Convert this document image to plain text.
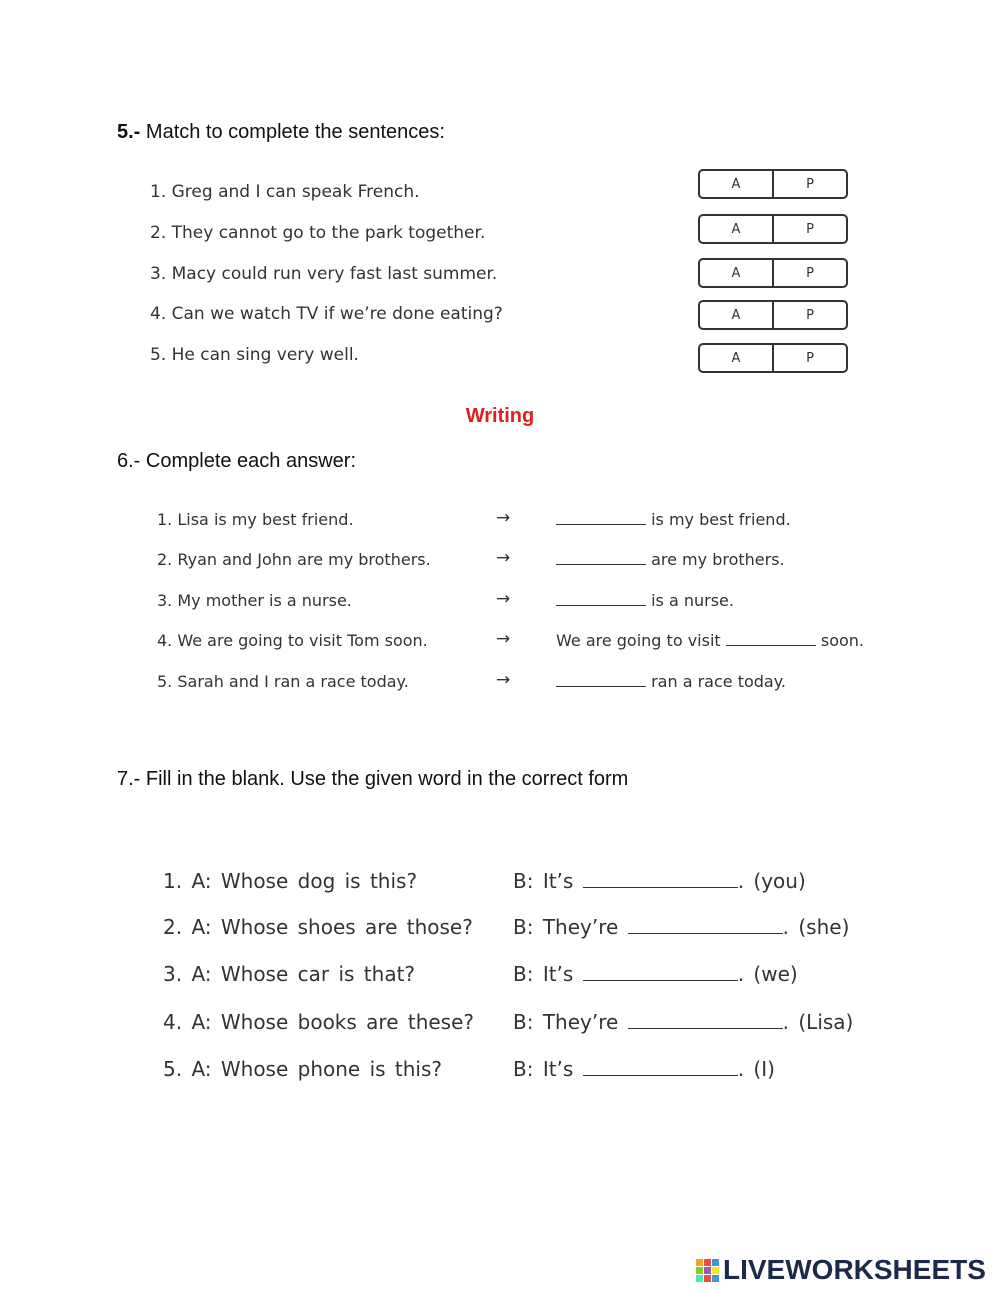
5.- Match to complete the sentences:
1. Greg and I can speak French.
2. They cannot go to the park together.
3. Macy could run very fast last summer.
4. Can we watch TV if we’re done eating?
5. He can sing very well.
A	P
A	P
A	P
A	P
A	P
Writing
6.- Complete each answer:
1. Lisa is my best friend.	→	is my best friend.
2. Ryan and John are my brothers.	→	are my brothers.
3. My mother is a nurse.	→	is a nurse.
4. We are going to visit Tom soon.	→	We are going to visit	soon.
5. Sarah and I ran a race today.	→	ran a race today.
7.- Fill in the blank. Use the given word in the correct form
1. A: Whose dog is this?	B: It’s	. (you)
2. A: Whose shoes are those? B: They’re	. (she)
3. A: Whose car is that?	B: It’s	. (we)
4. A: Whose books are these? B: They’re	. (Lisa)
5. A: Whose phone is this?	B: It’s	. (I)
LIVEWORKSHEETS
